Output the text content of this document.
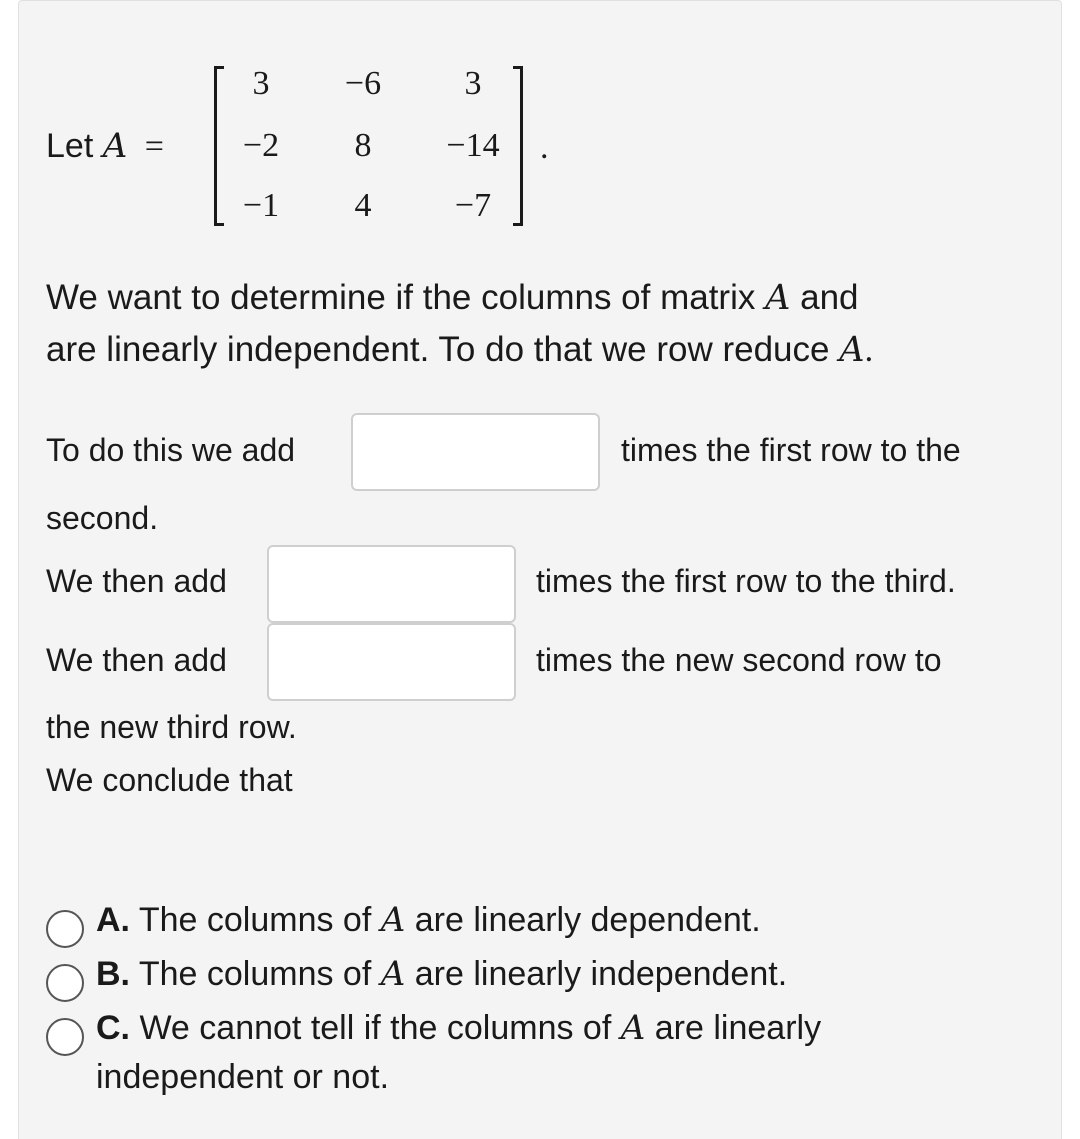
Let A =
3	−6	3
−2	8	−14
−1	4	−7
.
We want to determine if the columns of matrix A and
are linearly independent. To do that we row reduce A.
To do this we add	times the first row to the
second.
We then add	times the first row to the third.
We then add	times the new second row to
the new third row.
We conclude that
A. The columns of A are linearly dependent.
B. The columns of A are linearly independent.
C. We cannot tell if the columns of A are linearly
independent or not.
